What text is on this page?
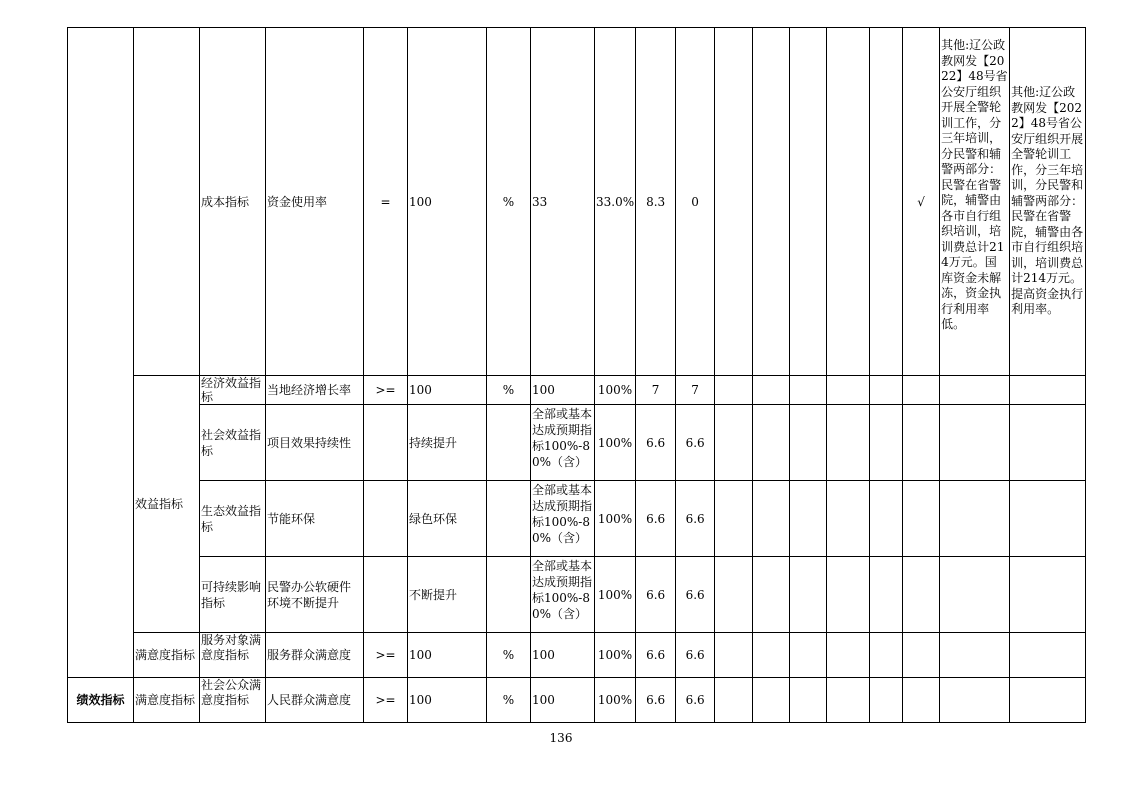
		成本指标	资金使用率	=	100	%	33	33.0%	8.3	0						√	其他:辽公政教网发【2022】48号省公安厅组织开展全警轮训工作，分三年培训，分民警和辅警两部分：民警在省警院，辅警由各市自行组织培训，培训费总计214万元。国库资金未解冻，资金执行利用率低。	其他:辽公政教网发【2022】48号省公安厅组织开展全警轮训工作，分三年培训，分民警和辅警两部分：民警在省警院，辅警由各市自行组织培训，培训费总计214万元。提高资金执行利用率。
	效益指标	经济效益指标	当地经济增长率	>=	100	%	100	100%	7	7								
		社会效益指标	项目效果持续性		持续提升		全部或基本达成预期指标100%-80%（含）	100%	6.6	6.6								
		生态效益指标	节能环保		绿色环保		全部或基本达成预期指标100%-80%（含）	100%	6.6	6.6								
		可持续影响指标	民警办公软硬件环境不断提升		不断提升		全部或基本达成预期指标100%-80%（含）	100%	6.6	6.6								
	满意度指标	服务对象满意度指标	服务群众满意度	>=	100	%	100	100%	6.6	6.6								
绩效指标	满意度指标	社会公众满意度指标	人民群众满意度	>=	100	%	100	100%	6.6	6.6								
136
